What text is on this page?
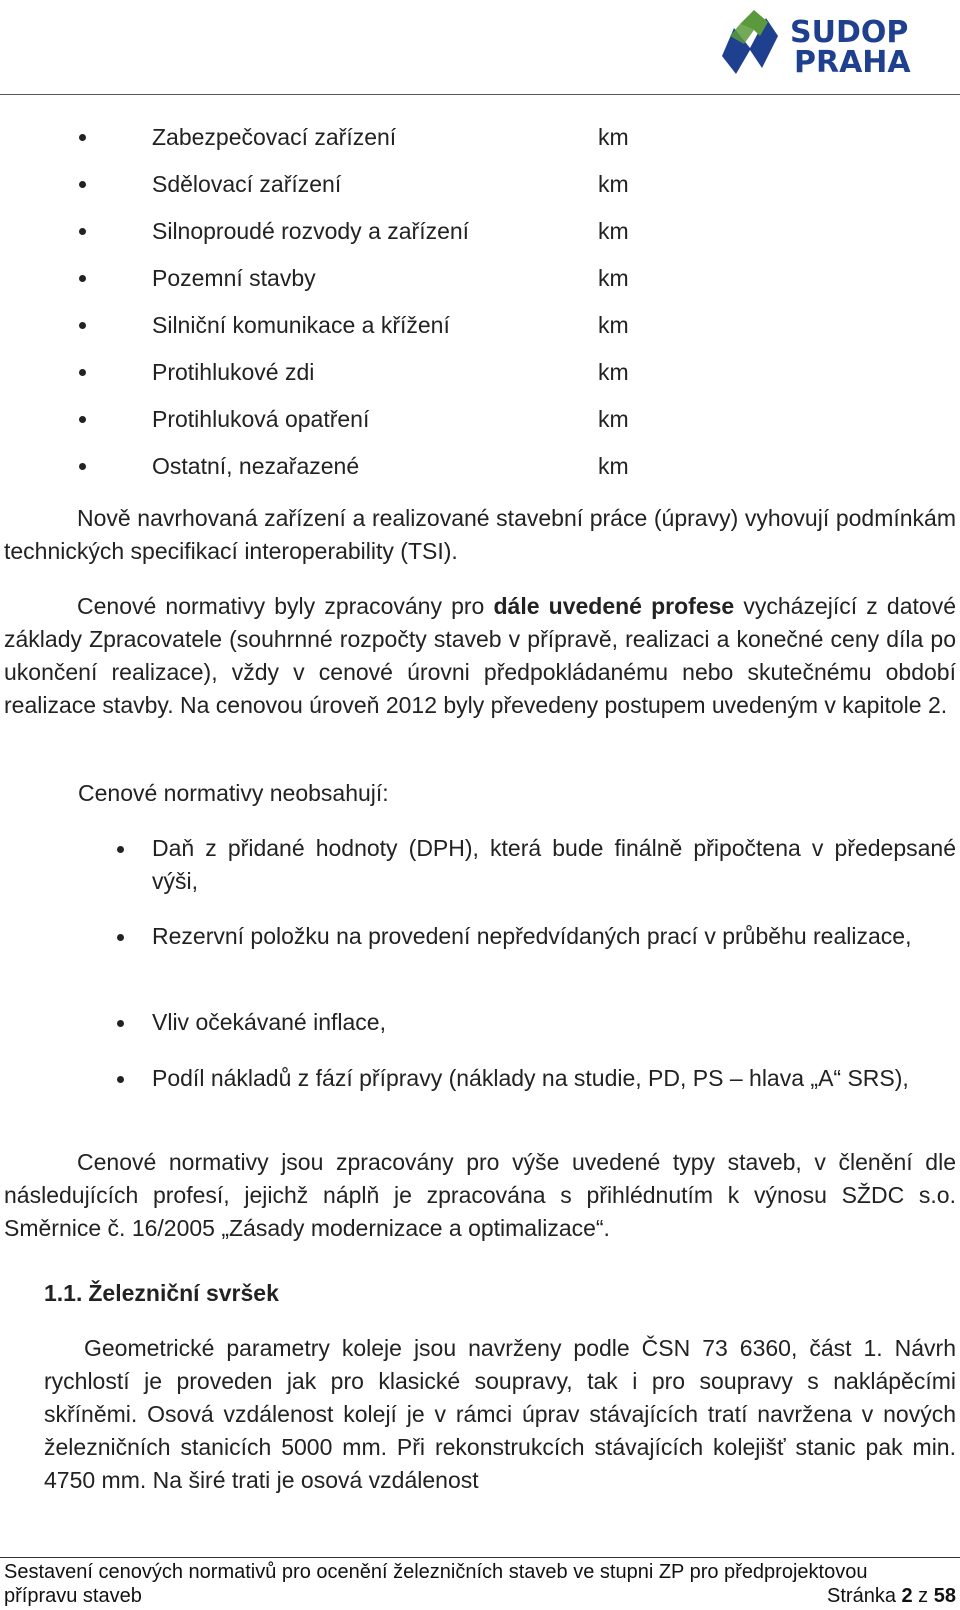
SUDOP
PRAHA
Zabezpečovací zařízení	km
Sdělovací zařízení	km
Silnoproudé rozvody a zařízení	km
Pozemní stavby	km
Silniční komunikace a křížení	km
Protihlukové zdi	km
Protihluková opatření	km
Ostatní, nezařazené	km

Nově navrhovaná zařízení a realizované stavební práce (úpravy) vyhovují podmínkám technických specifikací interoperability (TSI).

Cenové normativy byly zpracovány pro dále uvedené profese vycházející z datové základy Zpracovatele (souhrnné rozpočty staveb v přípravě, realizaci a konečné ceny díla po ukončení realizace), vždy v cenové úrovni předpokládanému nebo skutečnému období realizace stavby. Na cenovou úroveň 2012 byly převedeny postupem uvedeným v kapitole 2.

Cenové normativy neobsahují:

Daň z přidané hodnoty (DPH), která bude finálně připočtena v předepsané výši,
Rezervní položku na provedení nepředvídaných prací v průběhu realizace,
Vliv očekávané inflace,
Podíl nákladů z fází přípravy (náklady na studie, PD, PS – hlava „A“ SRS),

Cenové normativy jsou zpracovány pro výše uvedené typy staveb, v členění dle následujících profesí, jejichž náplň je zpracována s přihlédnutím k výnosu SŽDC s.o. Směrnice č. 16/2005 „Zásady modernizace a optimalizace“.

1.1. Železniční svršek

Geometrické parametry koleje jsou navrženy podle ČSN 73 6360, část 1. Návrh rychlostí je proveden jak pro klasické soupravy, tak i pro soupravy s naklápěcími skříněmi. Osová vzdálenost kolejí je v rámci úprav stávajících tratí navržena v nových železničních stanicích 5000 mm. Při rekonstrukcích stávajících kolejišť stanic pak min. 4750 mm. Na širé trati je osová vzdálenost

Sestavení cenových normativů pro ocenění železničních staveb ve stupni ZP pro předprojektovou přípravu staveb	Stránka 2 z 58
